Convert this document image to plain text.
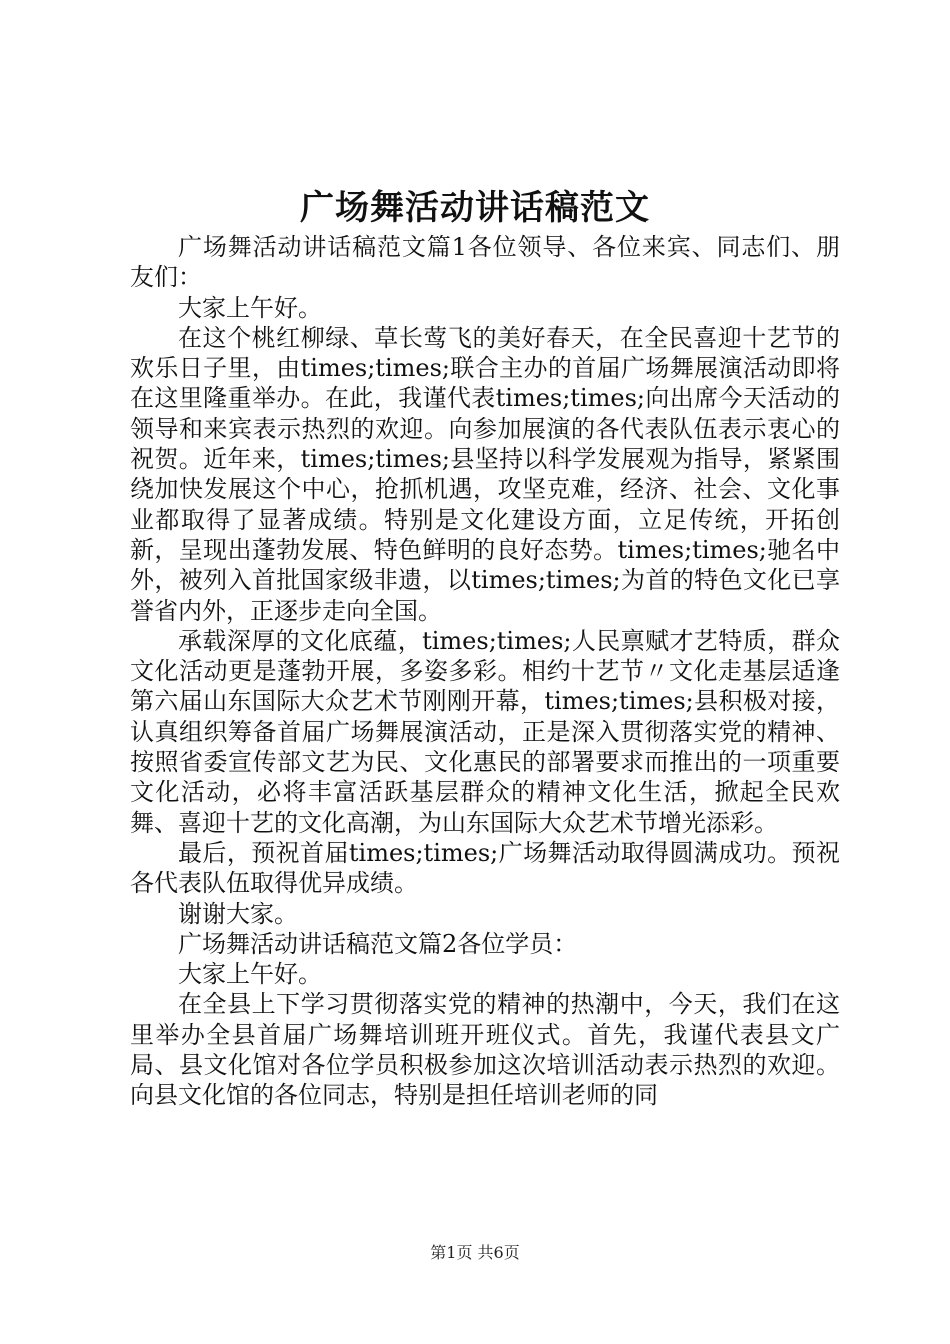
广场舞活动讲话稿范文

广场舞活动讲话稿范文篇1各位领导、各位来宾、同志们、朋友们：

大家上午好。

在这个桃红柳绿、草长莺飞的美好春天，在全民喜迎十艺节的欢乐日子里，由times;times;联合主办的首届广场舞展演活动即将在这里隆重举办。在此，我谨代表times;times;向出席今天活动的领导和来宾表示热烈的欢迎。向参加展演的各代表队伍表示衷心的祝贺。近年来，times;times;县坚持以科学发展观为指导，紧紧围绕加快发展这个中心，抢抓机遇，攻坚克难，经济、社会、文化事业都取得了显著成绩。特别是文化建设方面，立足传统，开拓创新，呈现出蓬勃发展、特色鲜明的良好态势。times;times;驰名中外，被列入首批国家级非遗，以times;times;为首的特色文化已享誉省内外，正逐步走向全国。

承载深厚的文化底蕴，times;times;人民禀赋才艺特质，群众文化活动更是蓬勃开展，多姿多彩。相约十艺节〃文化走基层适逢第六届山东国际大众艺术节刚刚开幕，times;times;县积极对接，认真组织筹备首届广场舞展演活动，正是深入贯彻落实党的精神、按照省委宣传部文艺为民、文化惠民的部署要求而推出的一项重要文化活动，必将丰富活跃基层群众的精神文化生活，掀起全民欢舞、喜迎十艺的文化高潮，为山东国际大众艺术节增光添彩。

最后，预祝首届times;times;广场舞活动取得圆满成功。预祝各代表队伍取得优异成绩。

谢谢大家。

广场舞活动讲话稿范文篇2各位学员：

大家上午好。

在全县上下学习贯彻落实党的精神的热潮中，今天，我们在这里举办全县首届广场舞培训班开班仪式。首先，我谨代表县文广局、县文化馆对各位学员积极参加这次培训活动表示热烈的欢迎。向县文化馆的各位同志，特别是担任培训老师的同

第1页 共6页
